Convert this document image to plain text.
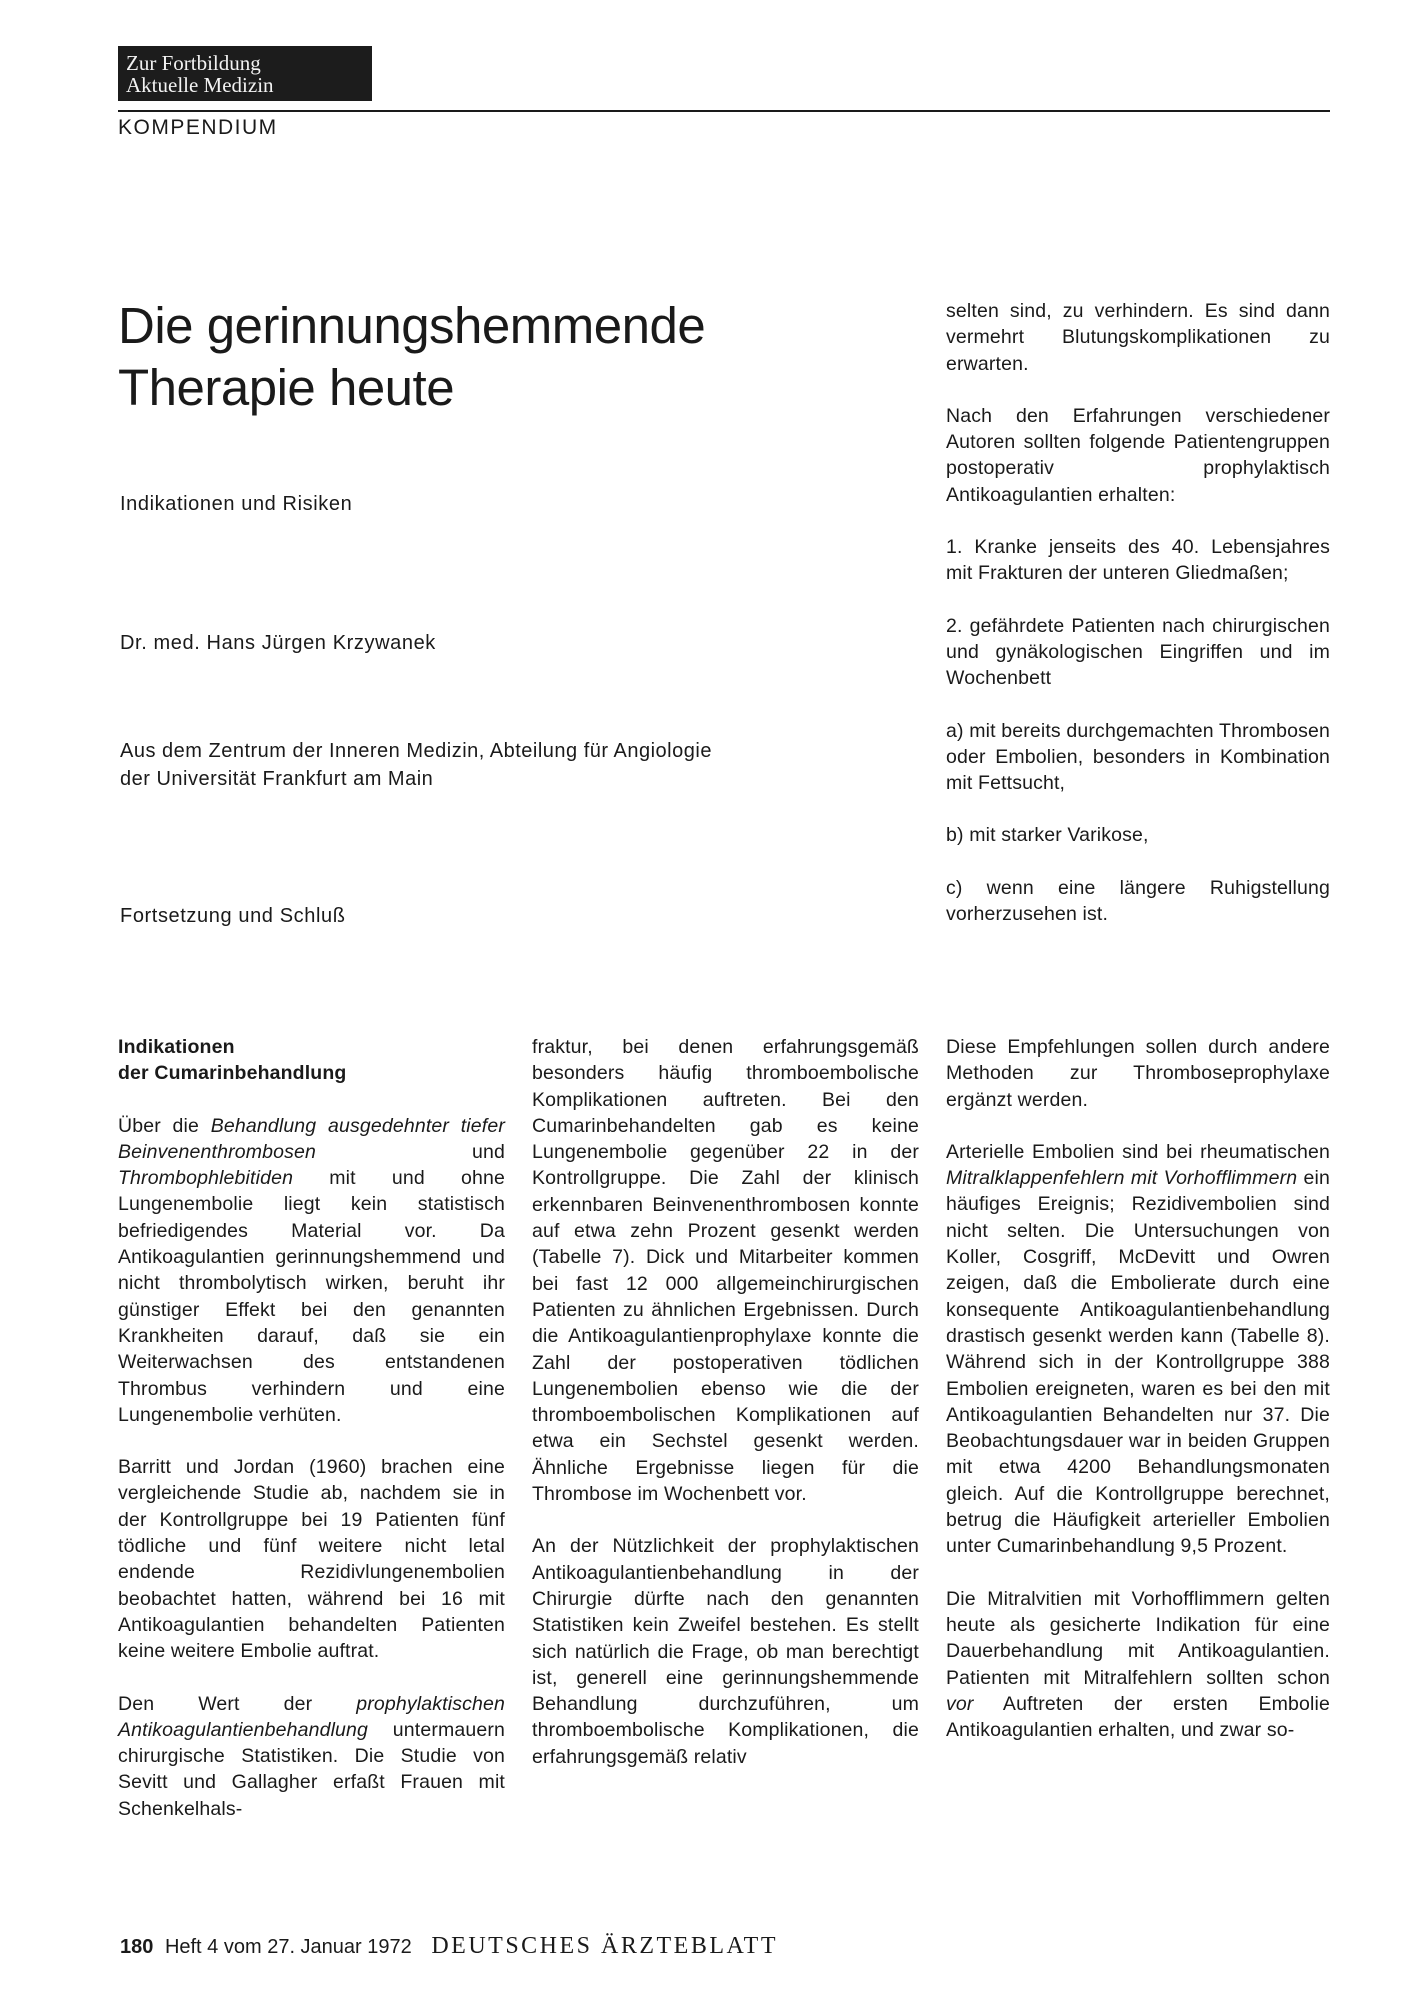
Zur Fortbildung
Aktuelle Medizin
KOMPENDIUM
Die gerinnungshemmende
Therapie heute
Indikationen und Risiken
Dr. med. Hans Jürgen Krzywanek
Aus dem Zentrum der Inneren Medizin, Abteilung für Angiologie
der Universität Frankfurt am Main
Fortsetzung und Schluß

selten sind, zu verhindern. Es sind dann vermehrt Blutungskomplikationen zu erwarten.

Nach den Erfahrungen verschiedener Autoren sollten folgende Patientengruppen postoperativ prophylaktisch Antikoagulantien erhalten:

1. Kranke jenseits des 40. Lebensjahres mit Frakturen der unteren Gliedmaßen;

2. gefährdete Patienten nach chirurgischen und gynäkologischen Eingriffen und im Wochenbett

a) mit bereits durchgemachten Thrombosen oder Embolien, besonders in Kombination mit Fettsucht,

b) mit starker Varikose,

c) wenn eine längere Ruhigstellung vorherzusehen ist.

Indikationen
der Cumarinbehandlung

Über die Behandlung ausgedehnter tiefer Beinvenenthrombosen und Thrombophlebitiden mit und ohne Lungenembolie liegt kein statistisch befriedigendes Material vor. Da Antikoagulantien gerinnungshemmend und nicht thrombolytisch wirken, beruht ihr günstiger Effekt bei den genannten Krankheiten darauf, daß sie ein Weiterwachsen des entstandenen Thrombus verhindern und eine Lungenembolie verhüten.

Barritt und Jordan (1960) brachen eine vergleichende Studie ab, nachdem sie in der Kontrollgruppe bei 19 Patienten fünf tödliche und fünf weitere nicht letal endende Rezidivlungenembolien beobachtet hatten, während bei 16 mit Antikoagulantien behandelten Patienten keine weitere Embolie auftrat.

Den Wert der prophylaktischen Antikoagulantienbehandlung untermauern chirurgische Statistiken. Die Studie von Sevitt und Gallagher erfaßt Frauen mit Schenkelhals-

fraktur, bei denen erfahrungsgemäß besonders häufig thromboembolische Komplikationen auftreten. Bei den Cumarinbehandelten gab es keine Lungenembolie gegenüber 22 in der Kontrollgruppe. Die Zahl der klinisch erkennbaren Beinvenenthrombosen konnte auf etwa zehn Prozent gesenkt werden (Tabelle 7). Dick und Mitarbeiter kommen bei fast 12 000 allgemeinchirurgischen Patienten zu ähnlichen Ergebnissen. Durch die Antikoagulantienprophylaxe konnte die Zahl der postoperativen tödlichen Lungenembolien ebenso wie die der thromboembolischen Komplikationen auf etwa ein Sechstel gesenkt werden. Ähnliche Ergebnisse liegen für die Thrombose im Wochenbett vor.

An der Nützlichkeit der prophylaktischen Antikoagulantienbehandlung in der Chirurgie dürfte nach den genannten Statistiken kein Zweifel bestehen. Es stellt sich natürlich die Frage, ob man berechtigt ist, generell eine gerinnungshemmende Behandlung durchzuführen, um thromboembolische Komplikationen, die erfahrungsgemäß relativ

Diese Empfehlungen sollen durch andere Methoden zur Thromboseprophylaxe ergänzt werden.

Arterielle Embolien sind bei rheumatischen Mitralklappenfehlern mit Vorhofflimmern ein häufiges Ereignis; Rezidivembolien sind nicht selten. Die Untersuchungen von Koller, Cosgriff, McDevitt und Owren zeigen, daß die Embolierate durch eine konsequente Antikoagulantienbehandlung drastisch gesenkt werden kann (Tabelle 8). Während sich in der Kontrollgruppe 388 Embolien ereigneten, waren es bei den mit Antikoagulantien Behandelten nur 37. Die Beobachtungsdauer war in beiden Gruppen mit etwa 4200 Behandlungsmonaten gleich. Auf die Kontrollgruppe berechnet, betrug die Häufigkeit arterieller Embolien unter Cumarinbehandlung 9,5 Prozent.

Die Mitralvitien mit Vorhofflimmern gelten heute als gesicherte Indikation für eine Dauerbehandlung mit Antikoagulantien. Patienten mit Mitralfehlern sollten schon vor Auftreten der ersten Embolie Antikoagulantien erhalten, und zwar so-

180 Heft 4 vom 27. Januar 1972 DEUTSCHES ÄRZTEBLATT
